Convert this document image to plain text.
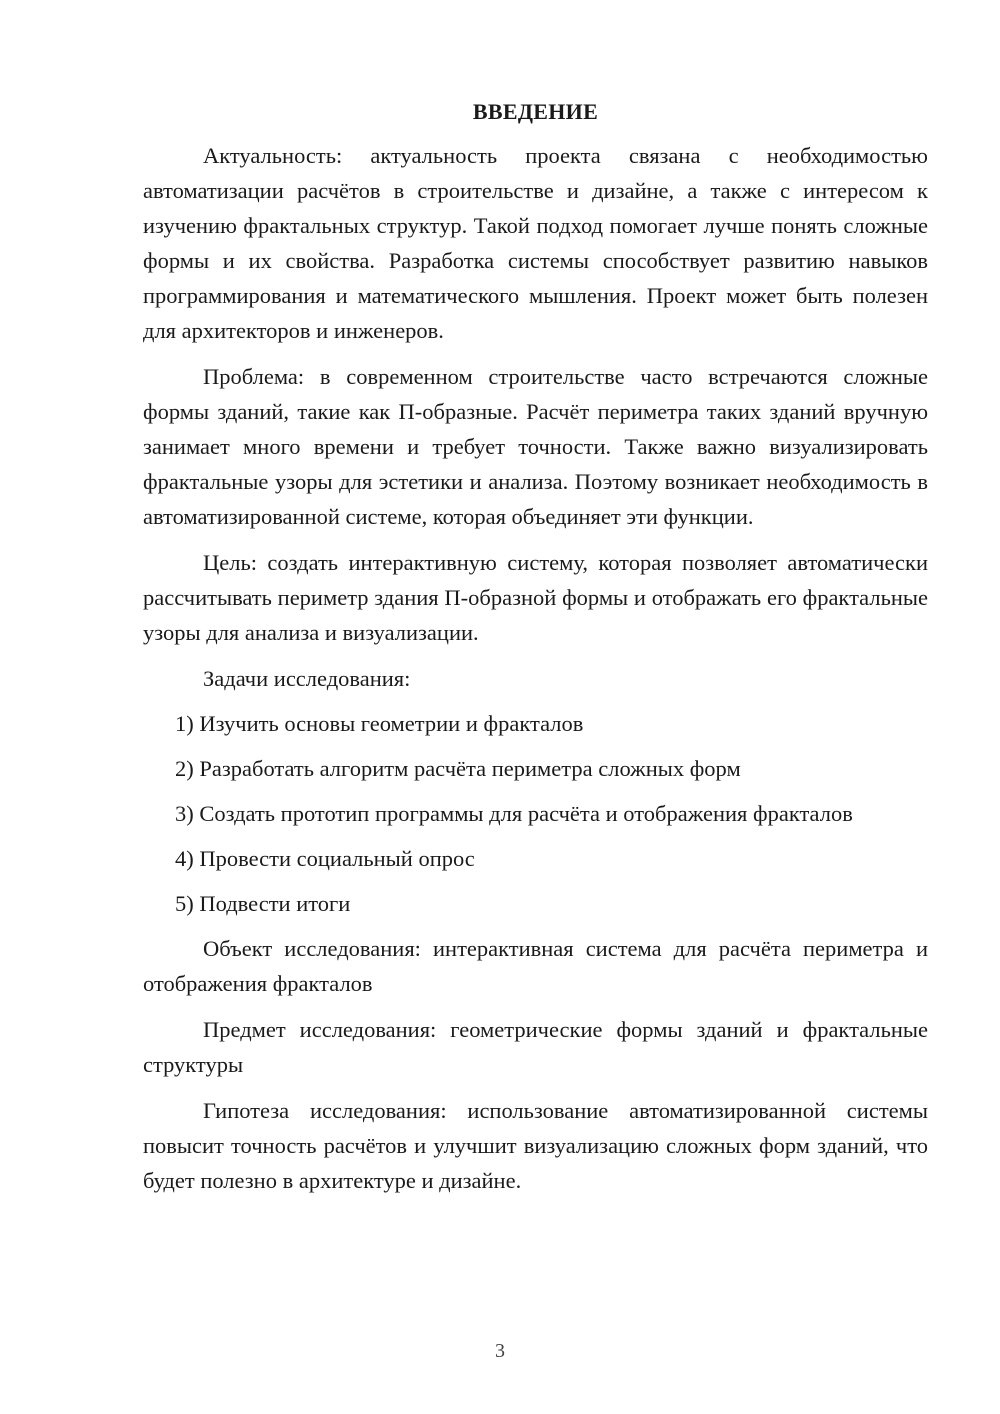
ВВЕДЕНИЕ

Актуальность: актуальность проекта связана с необходимостью автоматизации расчётов в строительстве и дизайне, а также с интересом к изучению фрактальных структур. Такой подход помогает лучше понять сложные формы и их свойства. Разработка системы способствует развитию навыков программирования и математического мышления. Проект может быть полезен для архитекторов и инженеров.

Проблема: в современном строительстве часто встречаются сложные формы зданий, такие как П-образные. Расчёт периметра таких зданий вручную занимает много времени и требует точности. Также важно визуализировать фрактальные узоры для эстетики и анализа. Поэтому возникает необходимость в автоматизированной системе, которая объединяет эти функции.

Цель: создать интерактивную систему, которая позволяет автоматически рассчитывать периметр здания П-образной формы и отображать его фрактальные узоры для анализа и визуализации.

Задачи исследования:

1) Изучить основы геометрии и фракталов

2) Разработать алгоритм расчёта периметра сложных форм

3) Создать прототип программы для расчёта и отображения фракталов

4) Провести социальный опрос

5) Подвести итоги

Объект исследования: интерактивная система для расчёта периметра и отображения фракталов

Предмет исследования: геометрические формы зданий и фрактальные структуры

Гипотеза исследования: использование автоматизированной системы повысит точность расчётов и улучшит визуализацию сложных форм зданий, что будет полезно в архитектуре и дизайне.

3
